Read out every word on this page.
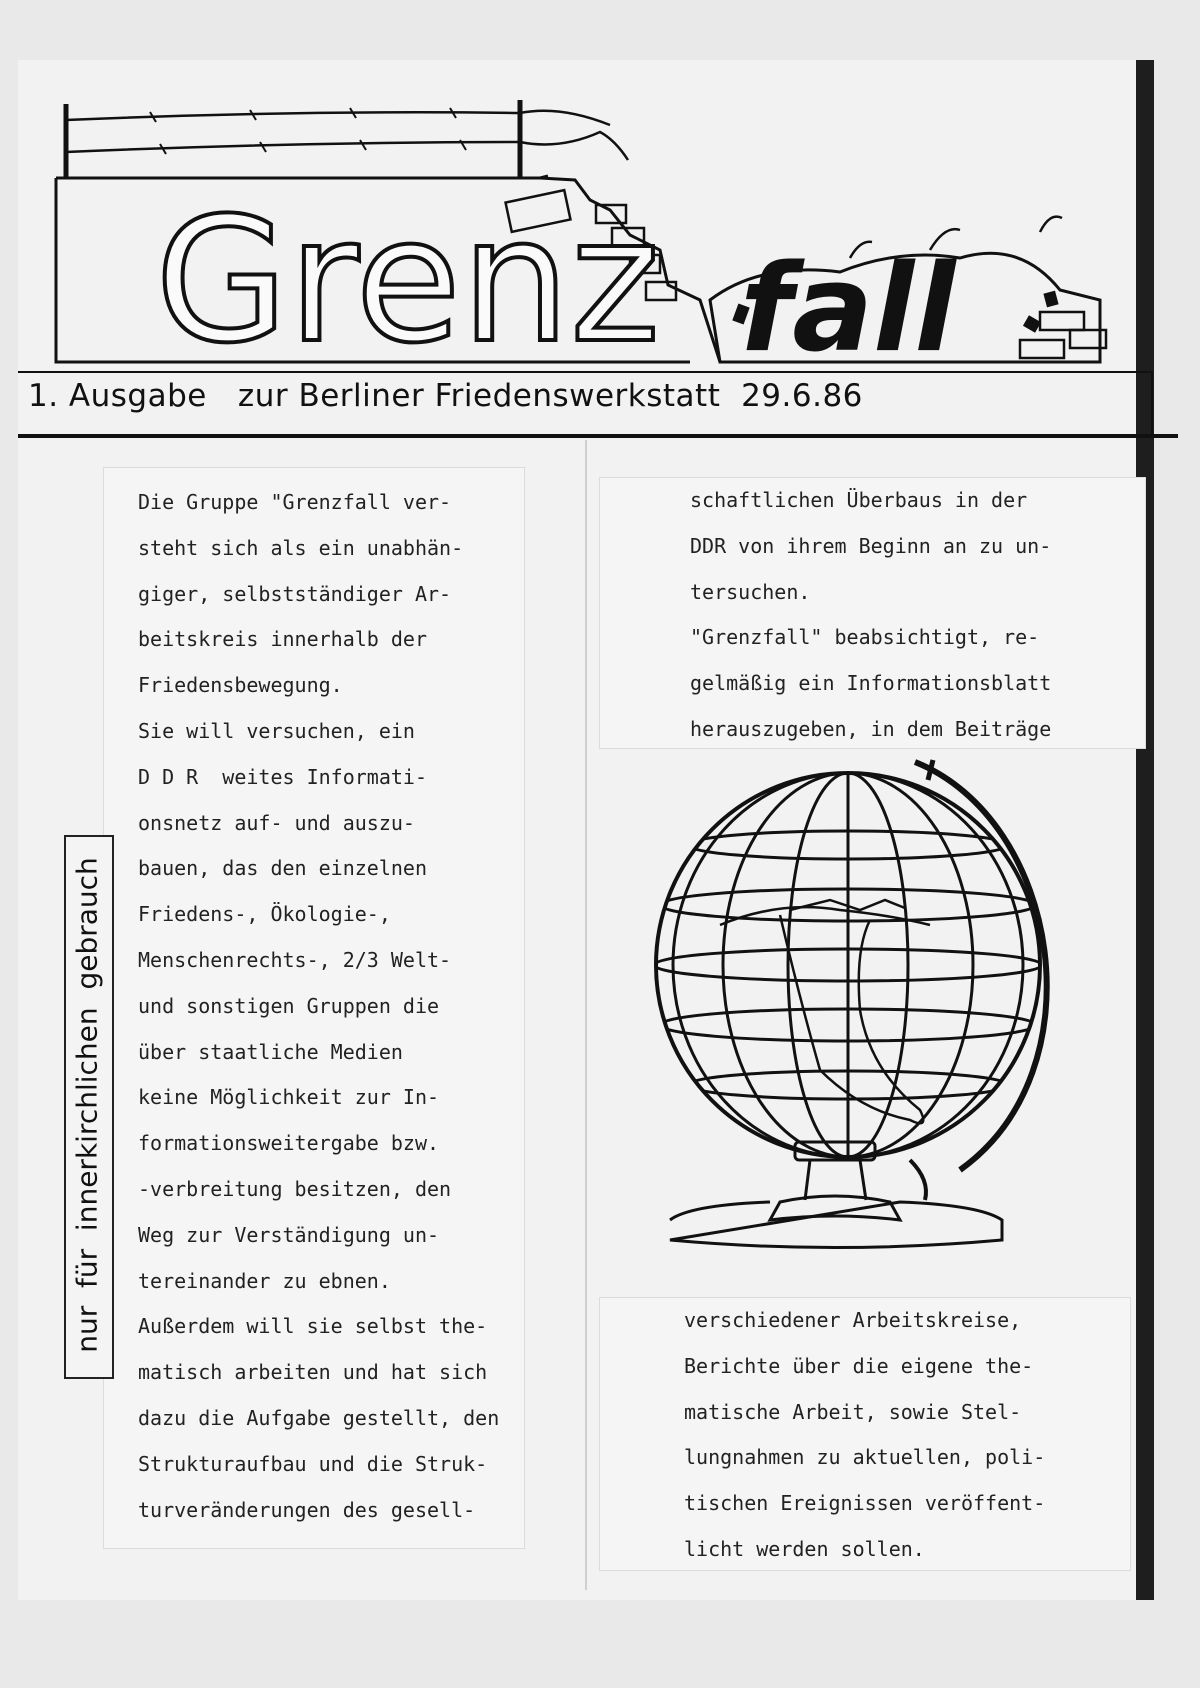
Grenz fall
1. Ausgabe   zur Berliner Friedenswerkstatt  29.6.86
nur  für  innerkirchlichen  gebrauch
Die Gruppe "Grenzfall ver-
steht sich als ein unabhän-
giger, selbstständiger Ar-
beitskreis innerhalb der
Friedensbewegung.
Sie will versuchen, ein
D D R  weites Informati-
onsnetz auf- und auszu-
bauen, das den einzelnen
Friedens-, Ökologie-,
Menschenrechts-, 2/3 Welt-
und sonstigen Gruppen die
über staatliche Medien
keine Möglichkeit zur In-
formationsweitergabe bzw.
-verbreitung besitzen, den
Weg zur Verständigung un-
tereinander zu ebnen.
Außerdem will sie selbst the-
matisch arbeiten und hat sich
dazu die Aufgabe gestellt, den
Strukturaufbau und die Struk-
turveränderungen des gesell-
schaftlichen Überbaus in der
DDR von ihrem Beginn an zu un-
tersuchen.
"Grenzfall" beabsichtigt, re-
gelmäßig ein Informationsblatt
herauszugeben, in dem Beiträge
verschiedener Arbeitskreise,
Berichte über die eigene the-
matische Arbeit, sowie Stel-
lungnahmen zu aktuellen, poli-
tischen Ereignissen veröffent-
licht werden sollen.
